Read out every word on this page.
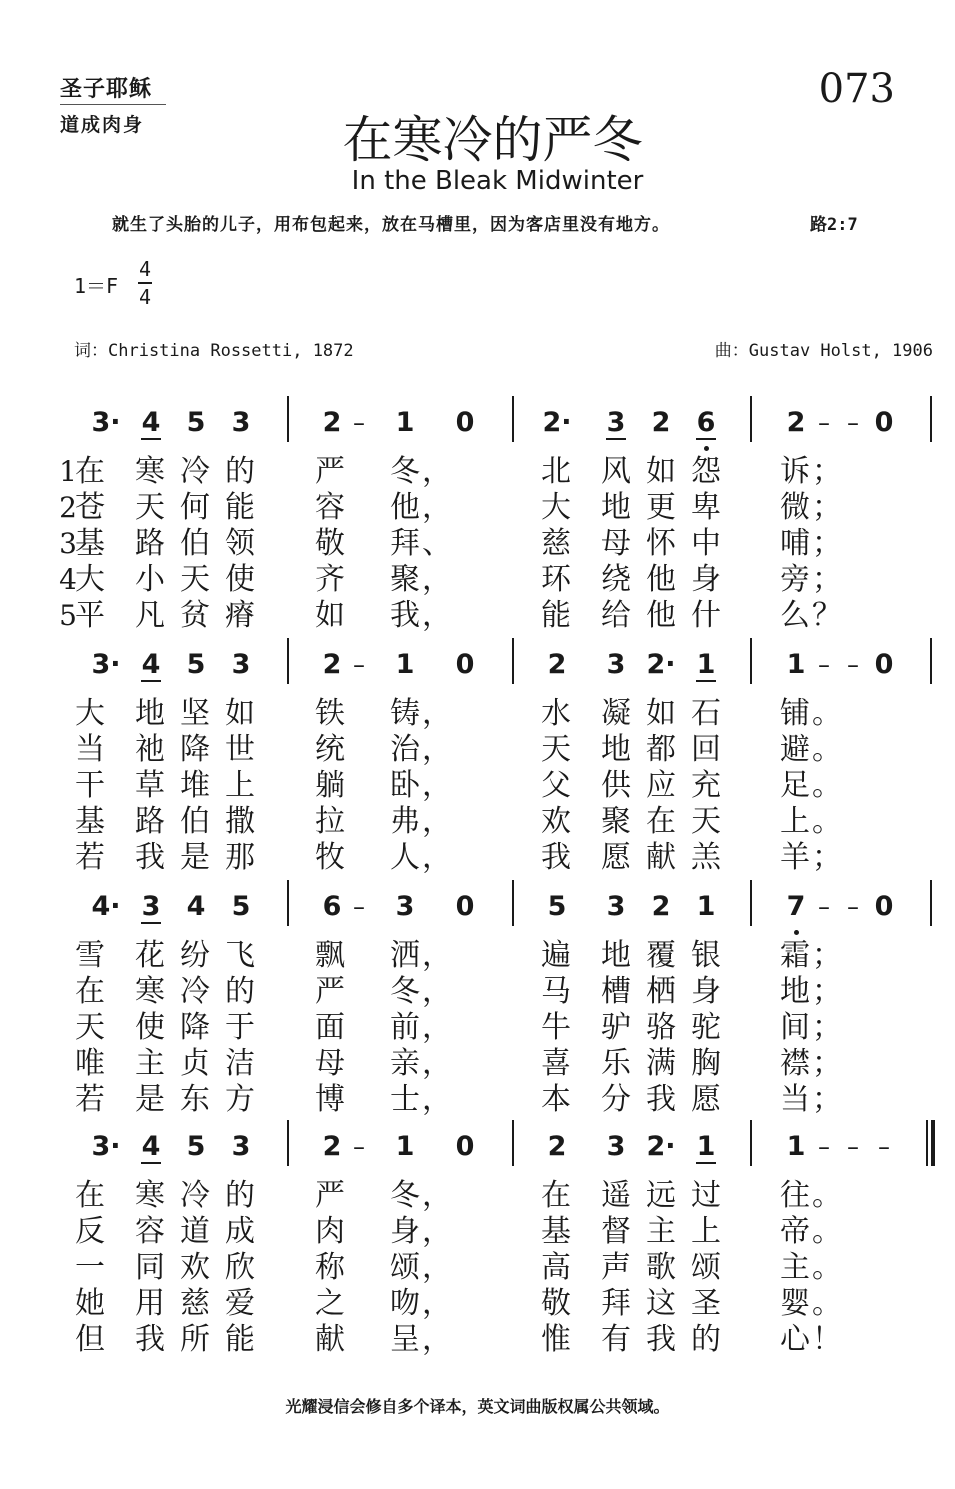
圣子耶稣
道成肉身
073
在寒冷的严冬
In the Bleak Midwinter
就生了头胎的儿子，用布包起来，放在马槽里，因为客店里没有地方。	路2:7
1＝F
4
4
词：Christina Rossetti, 1872	曲：Gustav Holst, 1906
3· 4 5 3	2 –	1	0	2·	3 2 6	2 – – 0
1
在 寒 冷 的 严 冬 ，	北 风 如 怨 诉 ；
2
苍 天 何 能 容 他 ，	大 地 更 卑 微 ；
3
基 路 伯 领 敬 拜 、	慈 母 怀 中 哺 ；
4
大 小 天 使 齐 聚 ，	环 绕 他 身 旁 ；
5
平 凡 贫 瘠 如 我 ，	能 给 他 什 么 ？
3· 4 5 3	2 –	1	0	2	3 2· 1	1 – – 0
大 地 坚 如 铁 铸 ，	水 凝 如 石 铺 。
当 祂 降 世 统 治 ，	天 地 都 回 避 。
干 草 堆 上 躺 卧 ，	父 供 应 充 足 。
基 路 伯 撒 拉 弗 ，	欢 聚 在 天 上 。
若 我 是 那 牧 人 ，	我 愿 献 羔 羊 ；
4· 3 4 5	6 –	3	0	5	3 2 1	7 – – 0
雪 花 纷 飞 飘 洒 ，	遍 地 覆 银 霜 ；
在 寒 冷 的 严 冬 ，	马 槽 栖 身 地 ；
天 使 降 于 面 前 ，	牛 驴 骆 驼 间 ；
唯 主 贞 洁 母 亲 ，	喜 乐 满 胸 襟 ；
若 是 东 方 博 士 ，	本 分 我 愿 当 ；
3· 4 5 3	2 –	1	0	2	3 2· 1	1 – – –
在 寒 冷 的 严 冬 ，	在 遥 远 过 往 。
反 容 道 成 肉 身 ，	基 督 主 上 帝 。
一 同 欢 欣 称 颂 ，	高 声 歌 颂 主 。
她 用 慈 爱 之 吻 ，	敬 拜 这 圣 婴 。
但 我 所 能 献 呈 ，	惟 有 我 的 心 ！
光耀浸信会修自多个译本，英文词曲版权属公共领域。
